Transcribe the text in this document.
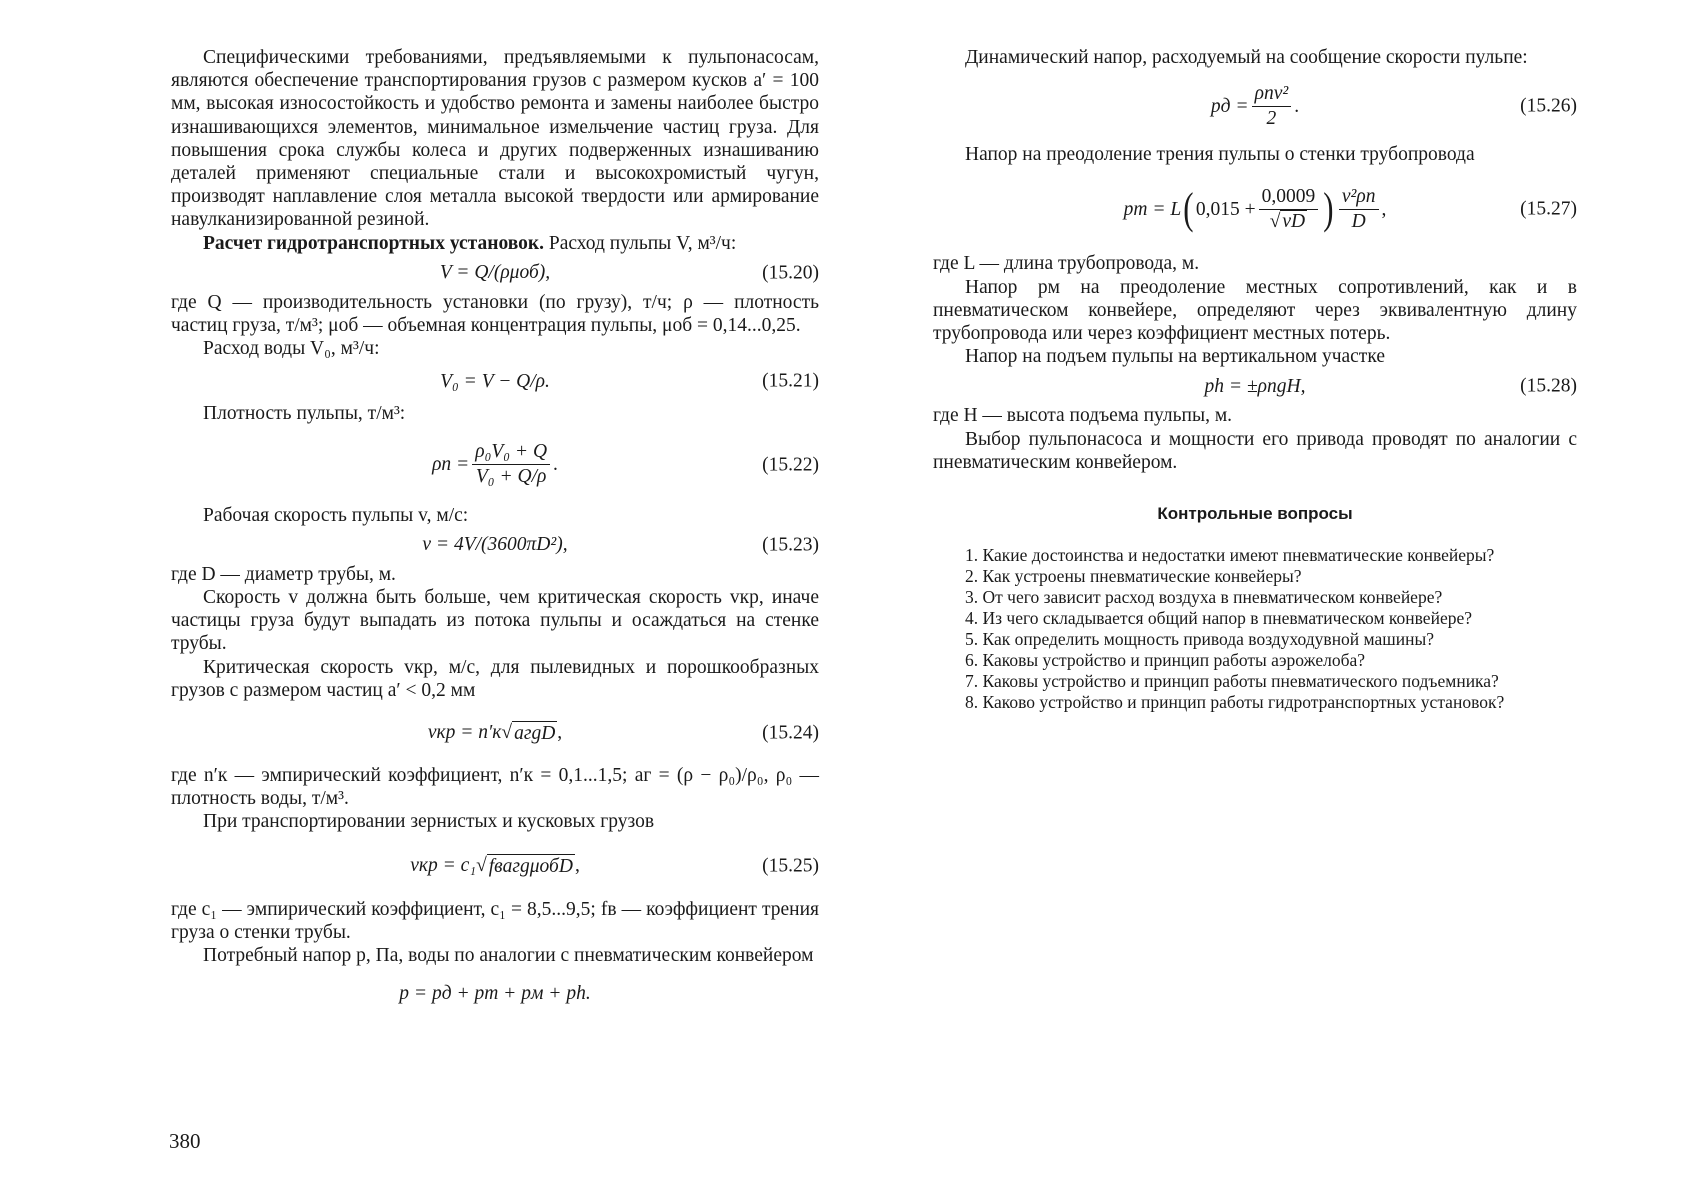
Специфическими требованиями, предъявляемыми к пульпонасосам, являются обеспечение транспортирования грузов с размером кусков a′ = 100 мм, высокая износостойкость и удобство ремонта и замены наиболее быстро изнашивающихся элементов, минимальное измельчение частиц груза. Для повышения срока службы колеса и других подверженных изнашиванию деталей применяют специальные стали и высокохромистый чугун, производят наплавление слоя металла высокой твердости или армирование навулканизированной резиной.

Расчет гидротранспортных установок. Расход пульпы V, м³/ч:

V = Q/(ρμоб),	(15.20)

где Q — производительность установки (по грузу), т/ч; ρ — плотность частиц груза, т/м³; μоб — объемная концентрация пульпы, μоб = 0,14...0,25.

Расход воды V₀, м³/ч:

V₀ = V − Q/ρ.	(15.21)

Плотность пульпы, т/м³:

$\rho п = \frac{\text{ρ₀V₀ + Q}}{\text{V₀ + Q/ρ}}$ .	(15.22)

Рабочая скорость пульпы v, м/с:

v = 4V/(3600πD²),	(15.23)

где D — диаметр трубы, м.

Скорость v должна быть больше, чем критическая скорость vкр, иначе частицы груза будут выпадать из потока пульпы и осаждаться на стенке трубы.

Критическая скорость vкр, м/с, для пылевидных и порошкообразных грузов с размером частиц a′ < 0,2 мм

vкр = n′к √ aгgD ,	(15.24)

где n′к — эмпирический коэффициент, n′к = 0,1...1,5; aг = (ρ − ρ₀)/ρ₀, ρ₀ — плотность воды, т/м³.

При транспортировании зернистых и кусковых грузов

vкр = c₁ √ fвaгgμобD ,	(15.25)

где c₁ — эмпирический коэффициент, c₁ = 8,5...9,5; fв — коэффициент трения груза о стенки трубы.

Потребный напор p, Па, воды по аналогии с пневматическим конвейером

p = pд + pт + pм + ph.

Динамический напор, расходуемый на сообщение скорости пульпе:

pд = $\frac{\text{ρпv²}}{2}$ .	(15.26)

Напор на преодоление трения пульпы о стенки трубопровода

pт = L ( $0,015 + \frac{0,0009}{√ vD}$ ) $\frac{\text{v²ρп}}{D}$ ,	(15.27)

где L — длина трубопровода, м.

Напор pм на преодоление местных сопротивлений, как и в пневматическом конвейере, определяют через эквивалентную длину трубопровода или через коэффициент местных потерь.

Напор на подъем пульпы на вертикальном участке

ph = ±ρпgH,	(15.28)

где H — высота подъема пульпы, м.

Выбор пульпонасоса и мощности его привода проводят по аналогии с пневматическим конвейером.

Контрольные вопросы

1. Какие достоинства и недостатки имеют пневматические конвейеры?

2. Как устроены пневматические конвейеры?

3. От чего зависит расход воздуха в пневматическом конвейере?

4. Из чего складывается общий напор в пневматическом конвейере?

5. Как определить мощность привода воздуходувной машины?

6. Каковы устройство и принцип работы аэрожелоба?

7. Каковы устройство и принцип работы пневматического подъемника?

8. Каково устройство и принцип работы гидротранспортных установок?

380
